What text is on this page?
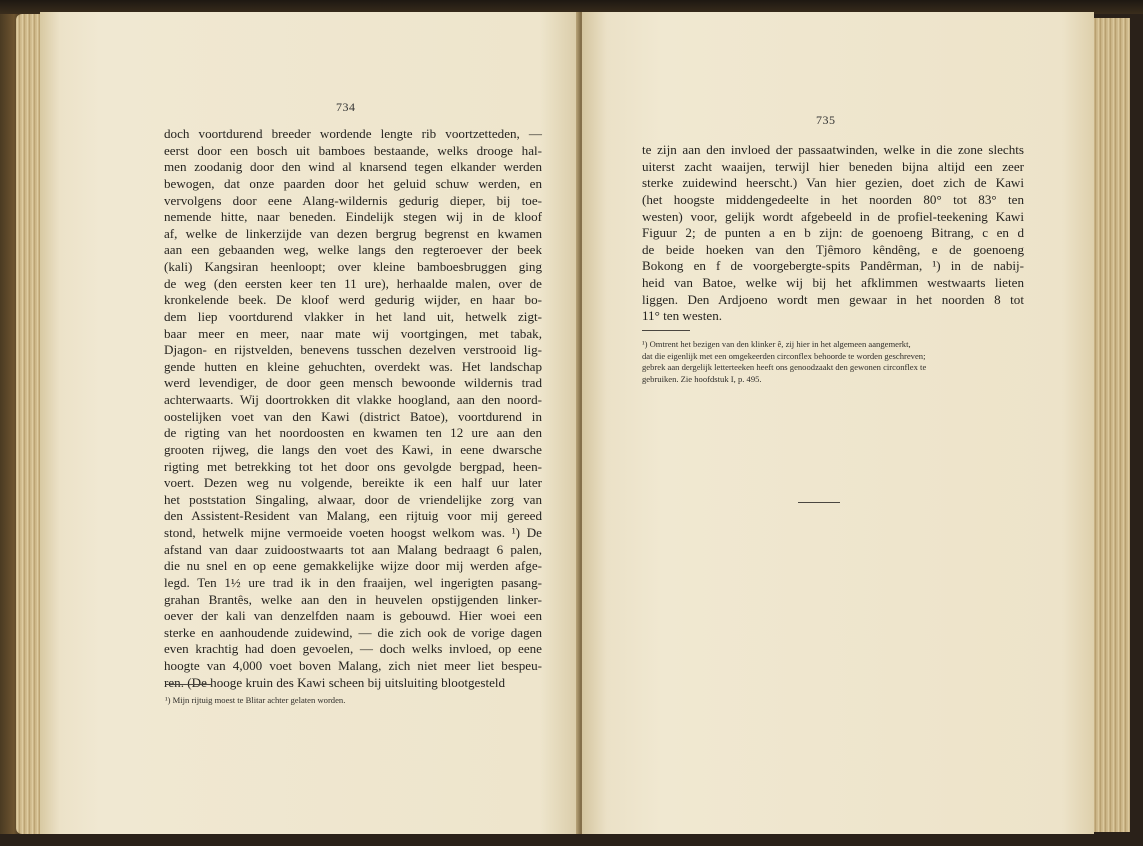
734
doch voortdurend breeder wordende lengte rib voortzetteden, —
eerst door een bosch uit bamboes bestaande, welks drooge hal-
men zoodanig door den wind al knarsend tegen elkander werden
bewogen, dat onze paarden door het geluid schuw werden, en
vervolgens door eene Alang-wildernis gedurig dieper, bij toe-
nemende hitte, naar beneden. Eindelijk stegen wij in de kloof
af, welke de linkerzijde van dezen bergrug begrenst en kwamen
aan een gebaanden weg, welke langs den regteroever der beek
(kali) Kangsiran heenloopt; over kleine bamboesbruggen ging
de weg (den eersten keer ten 11 ure), herhaalde malen, over de
kronkelende beek. De kloof werd gedurig wijder, en haar bo-
dem liep voortdurend vlakker in het land uit, hetwelk zigt-
baar meer en meer, naar mate wij voortgingen, met tabak,
Djagon- en rijstvelden, benevens tusschen dezelven verstrooid lig-
gende hutten en kleine gehuchten, overdekt was. Het landschap
werd levendiger, de door geen mensch bewoonde wildernis trad
achterwaarts. Wij doortrokken dit vlakke hoogland, aan den noord-
oostelijken voet van den Kawi (district Batoe), voortdurend in
de rigting van het noordoosten en kwamen ten 12 ure aan den
grooten rijweg, die langs den voet des Kawi, in eene dwarsche
rigting met betrekking tot het door ons gevolgde bergpad, heen-
voert. Dezen weg nu volgende, bereikte ik een half uur later
het poststation Singaling, alwaar, door de vriendelijke zorg van
den Assistent-Resident van Malang, een rijtuig voor mij gereed
stond, hetwelk mijne vermoeide voeten hoogst welkom was. ¹) De
afstand van daar zuidoostwaarts tot aan Malang bedraagt 6 palen,
die nu snel en op eene gemakkelijke wijze door mij werden afge-
legd. Ten 1½ ure trad ik in den fraaijen, wel ingerigten pasang-
grahan Brantês, welke aan den in heuvelen opstijgenden linker-
oever der kali van denzelfden naam is gebouwd. Hier woei een
sterke en aanhoudende zuidewind, — die zich ook de vorige dagen
even krachtig had doen gevoelen, — doch welks invloed, op eene
hoogte van 4,000 voet boven Malang, zich niet meer liet bespeu-
ren. (De hooge kruin des Kawi scheen bij uitsluiting blootgesteld
¹) Mijn rijtuig moest te Blitar achter gelaten worden.
735
te zijn aan den invloed der passaatwinden, welke in die zone slechts
uiterst zacht waaijen, terwijl hier beneden bijna altijd een zeer
sterke zuidewind heerscht.) Van hier gezien, doet zich de Kawi
(het hoogste middengedeelte in het noorden 80° tot 83° ten
westen) voor, gelijk wordt afgebeeld in de profiel-teekening Kawi
Figuur 2; de punten a en b zijn: de goenoeng Bitrang, c en d
de beide hoeken van den Tjêmoro kêndêng, e de goenoeng
Bokong en f de voorgebergte-spits Pandêrman, ¹) in de nabij-
heid van Batoe, welke wij bij het afklimmen westwaarts lieten
liggen. Den Ardjoeno wordt men gewaar in het noorden 8 tot
11° ten westen.
¹) Omtrent het bezigen van den klinker ê, zij hier in het algemeen aangemerkt,
dat die eigenlijk met een omgekeerden circonflex behoorde te worden geschreven;
gebrek aan dergelijk letterteeken heeft ons genoodzaakt den gewonen circonflex te
gebruiken. Zie hoofdstuk I, p. 495.
